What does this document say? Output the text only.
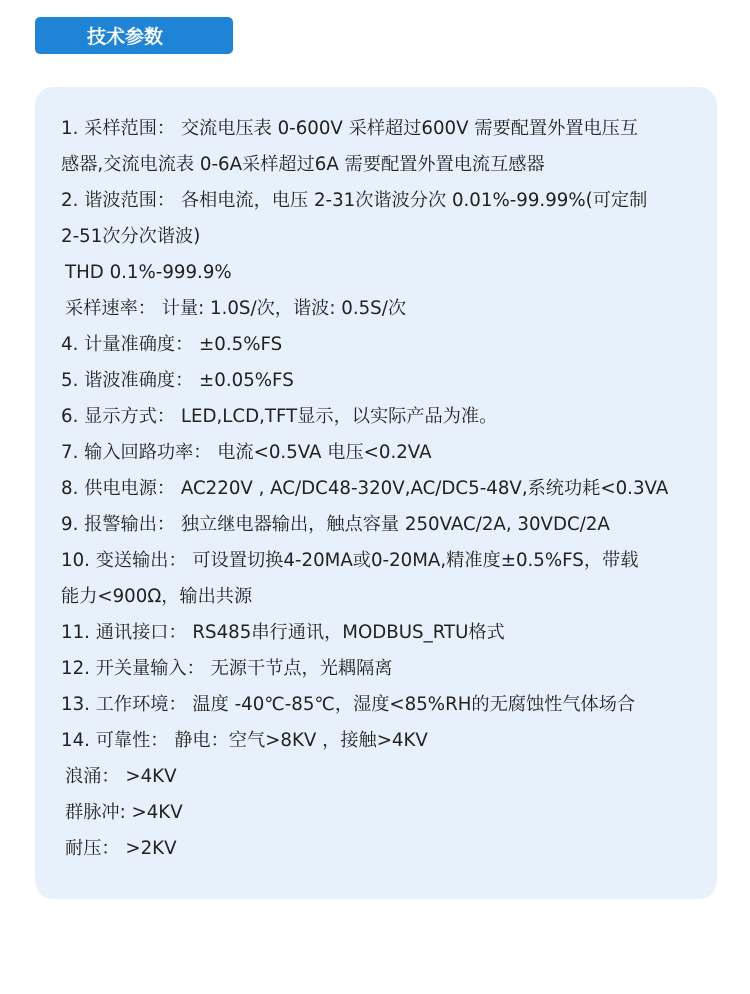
技术参数
1. 采样范围： 交流电压表 0-600V 采样超过600V 需要配置外置电压互
感器,交流电流表 0-6A采样超过6A 需要配置外置电流互感器
2. 谐波范围： 各相电流，电压 2-31次谐波分次 0.01%-99.99%(可定制
2-51次分次谐波)
THD 0.1%-999.9%
采样速率： 计量: 1.0S/次，谐波: 0.5S/次
4. 计量准确度： ±0.5%FS
5. 谐波准确度： ±0.05%FS
6. 显示方式： LED,LCD,TFT显示，以实际产品为准。
7. 输入回路功率： 电流<0.5VA 电压<0.2VA
8. 供电电源： AC220V , AC/DC48-320V,AC/DC5-48V,系统功耗<0.3VA
9. 报警输出： 独立继电器输出，触点容量 250VAC/2A, 30VDC/2A
10. 变送输出： 可设置切换4-20MA或0-20MA,精准度±0.5%FS，带载
能力<900Ω，输出共源
11. 通讯接口： RS485串行通讯，MODBUS_RTU格式
12. 开关量输入： 无源干节点，光耦隔离
13. 工作环境： 温度 -40℃-85℃，湿度<85%RH的无腐蚀性气体场合
14. 可靠性： 静电：空气>8KV ，接触>4KV
浪涌： >4KV
群脉冲: >4KV
耐压： >2KV
